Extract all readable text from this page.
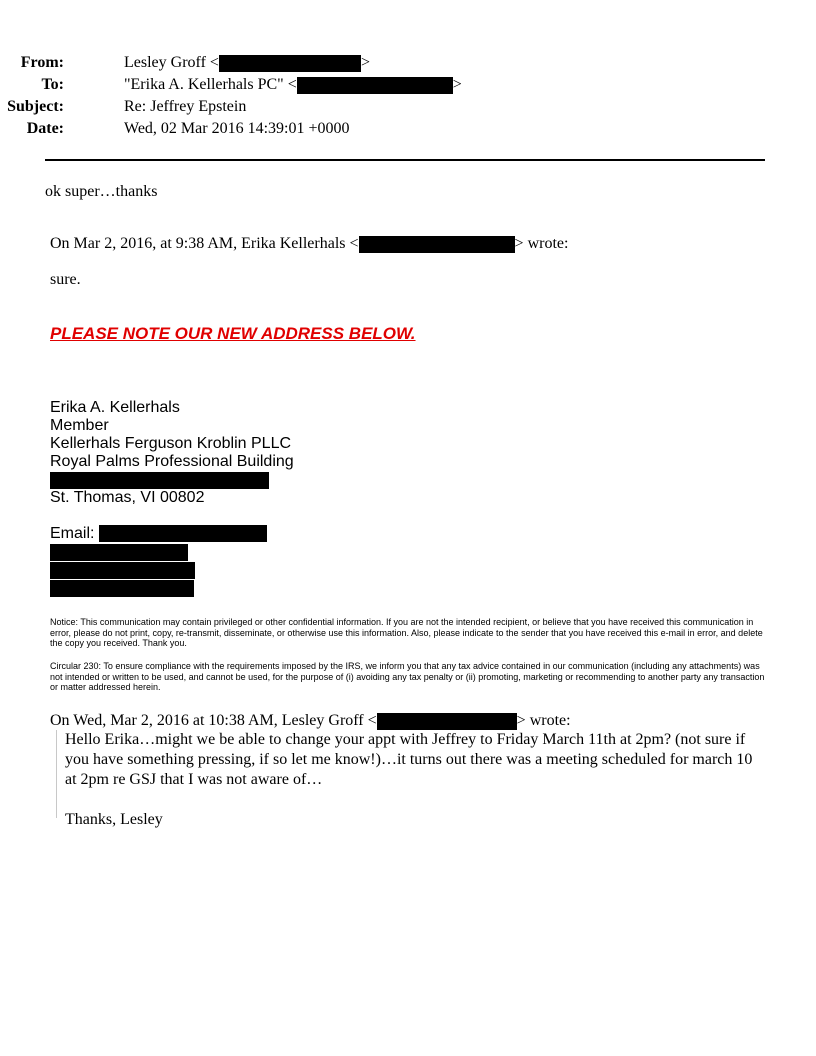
From:	Lesley Groff <	>
To:	"Erika A. Kellerhals PC" <	>
Subject:	Re: Jeffrey Epstein
Date:	Wed, 02 Mar 2016 14:39:01 +0000
ok super…thanks
On Mar 2, 2016, at 9:38 AM, Erika Kellerhals <	> wrote:
sure.
PLEASE NOTE OUR NEW ADDRESS BELOW.
Erika A. Kellerhals
Member
Kellerhals Ferguson Kroblin PLLC
Royal Palms Professional Building
St. Thomas, VI 00802
Email:
Notice: This communication may contain privileged or other confidential information. If you are not the intended recipient, or believe that you have received this communication in error, please do not print, copy, re-transmit, disseminate, or otherwise use this information. Also, please indicate to the sender that you have received this e-mail in error, and delete the copy you received. Thank you.
Circular 230: To ensure compliance with the requirements imposed by the IRS, we inform you that any tax advice contained in our communication (including any attachments) was not intended or written to be used, and cannot be used, for the purpose of (i) avoiding any tax penalty or (ii) promoting, marketing or recommending to another party any transaction or matter addressed herein.
On Wed, Mar 2, 2016 at 10:38 AM, Lesley Groff <	> wrote:

Hello Erika…might we be able to change your appt with Jeffrey to Friday March 11th at 2pm? (not sure if you have something pressing, if so let me know!)…it turns out there was a meeting scheduled for march 10 at 2pm re GSJ that I was not aware of…

Thanks, Lesley
